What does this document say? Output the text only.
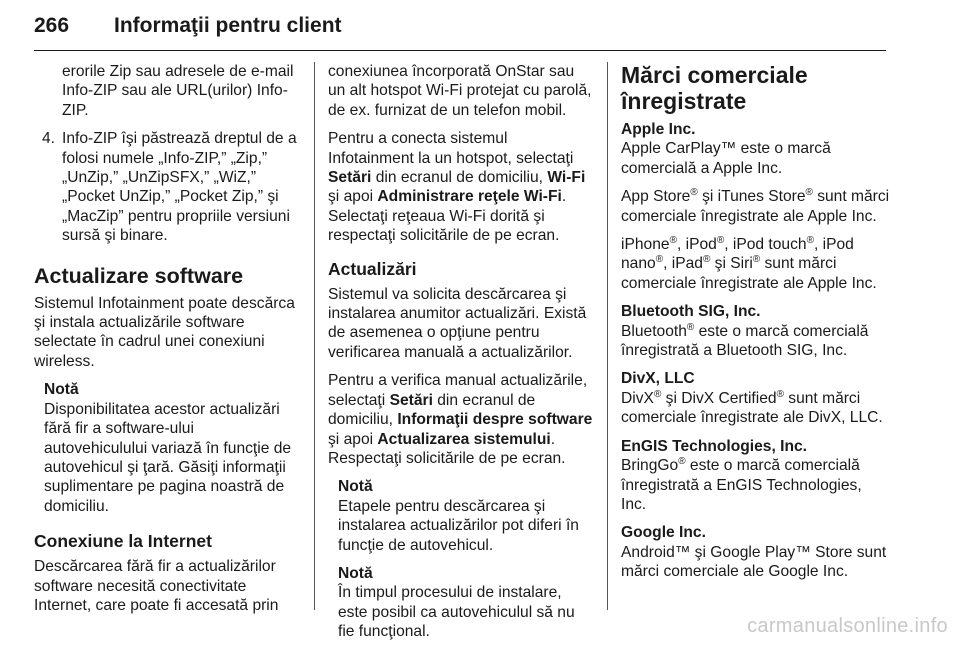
266 Informaţii pentru client

erorile Zip sau adresele de e-mail Info-ZIP sau ale URL(urilor) Info-ZIP.

4. Info-ZIP îşi păstrează dreptul de a folosi numele „Info-ZIP,” „Zip,” „UnZip,” „UnZipSFX,” „WiZ,” „Pocket UnZip,” „Pocket Zip,” şi „MacZip” pentru propriile versiuni sursă şi binare.
Actualizare software

Sistemul Infotainment poate descărca şi instala actualizările software selectate în cadrul unei conexiuni wireless.

Notă
Disponibilitatea acestor actualizări fără fir a software-ului autovehiculului variază în funcţie de autovehicul şi ţară. Găsiţi informaţii suplimentare pe pagina noastră de domiciliu.
Conexiune la Internet

Descărcarea fără fir a actualizărilor software necesită conectivitate Internet, care poate fi accesată prin

conexiunea încorporată OnStar sau un alt hotspot Wi-Fi protejat cu parolă, de ex. furnizat de un telefon mobil.

Pentru a conecta sistemul Infotainment la un hotspot, selectaţi Setări din ecranul de domiciliu, Wi-Fi şi apoi Administrare reţele Wi-Fi. Selectaţi reţeaua Wi-Fi dorită şi respectaţi solicitările de pe ecran.

Actualizări

Sistemul va solicita descărcarea şi instalarea anumitor actualizări. Există de asemenea o opţiune pentru verificarea manuală a actualizărilor.

Pentru a verifica manual actualizările, selectaţi Setări din ecranul de domiciliu, Informaţii despre software şi apoi Actualizarea sistemului. Respectaţi solicitările de pe ecran.

Notă
Etapele pentru descărcarea şi instalarea actualizărilor pot diferi în funcţie de autovehicul.
Notă
În timpul procesului de instalare, este posibil ca autovehiculul să nu fie funcţional.
Mărci comerciale înregistrate
Apple Inc.

Apple CarPlay™ este o marcă comercială a Apple Inc.

App Store® şi iTunes Store® sunt mărci comerciale înregistrate ale Apple Inc.

iPhone®, iPod®, iPod touch®, iPod nano®, iPad® şi Siri® sunt mărci comerciale înregistrate ale Apple Inc.

Bluetooth SIG, Inc.

Bluetooth® este o marcă comercială înregistrată a Bluetooth SIG, Inc.

DivX, LLC

DivX® şi DivX Certified® sunt mărci comerciale înregistrate ale DivX, LLC.

EnGIS Technologies, Inc.

BringGo® este o marcă comercială înregistrată a EnGIS Technologies, Inc.

Google Inc.

Android™ şi Google Play™ Store sunt mărci comerciale ale Google Inc.

carmanualsonline.info
